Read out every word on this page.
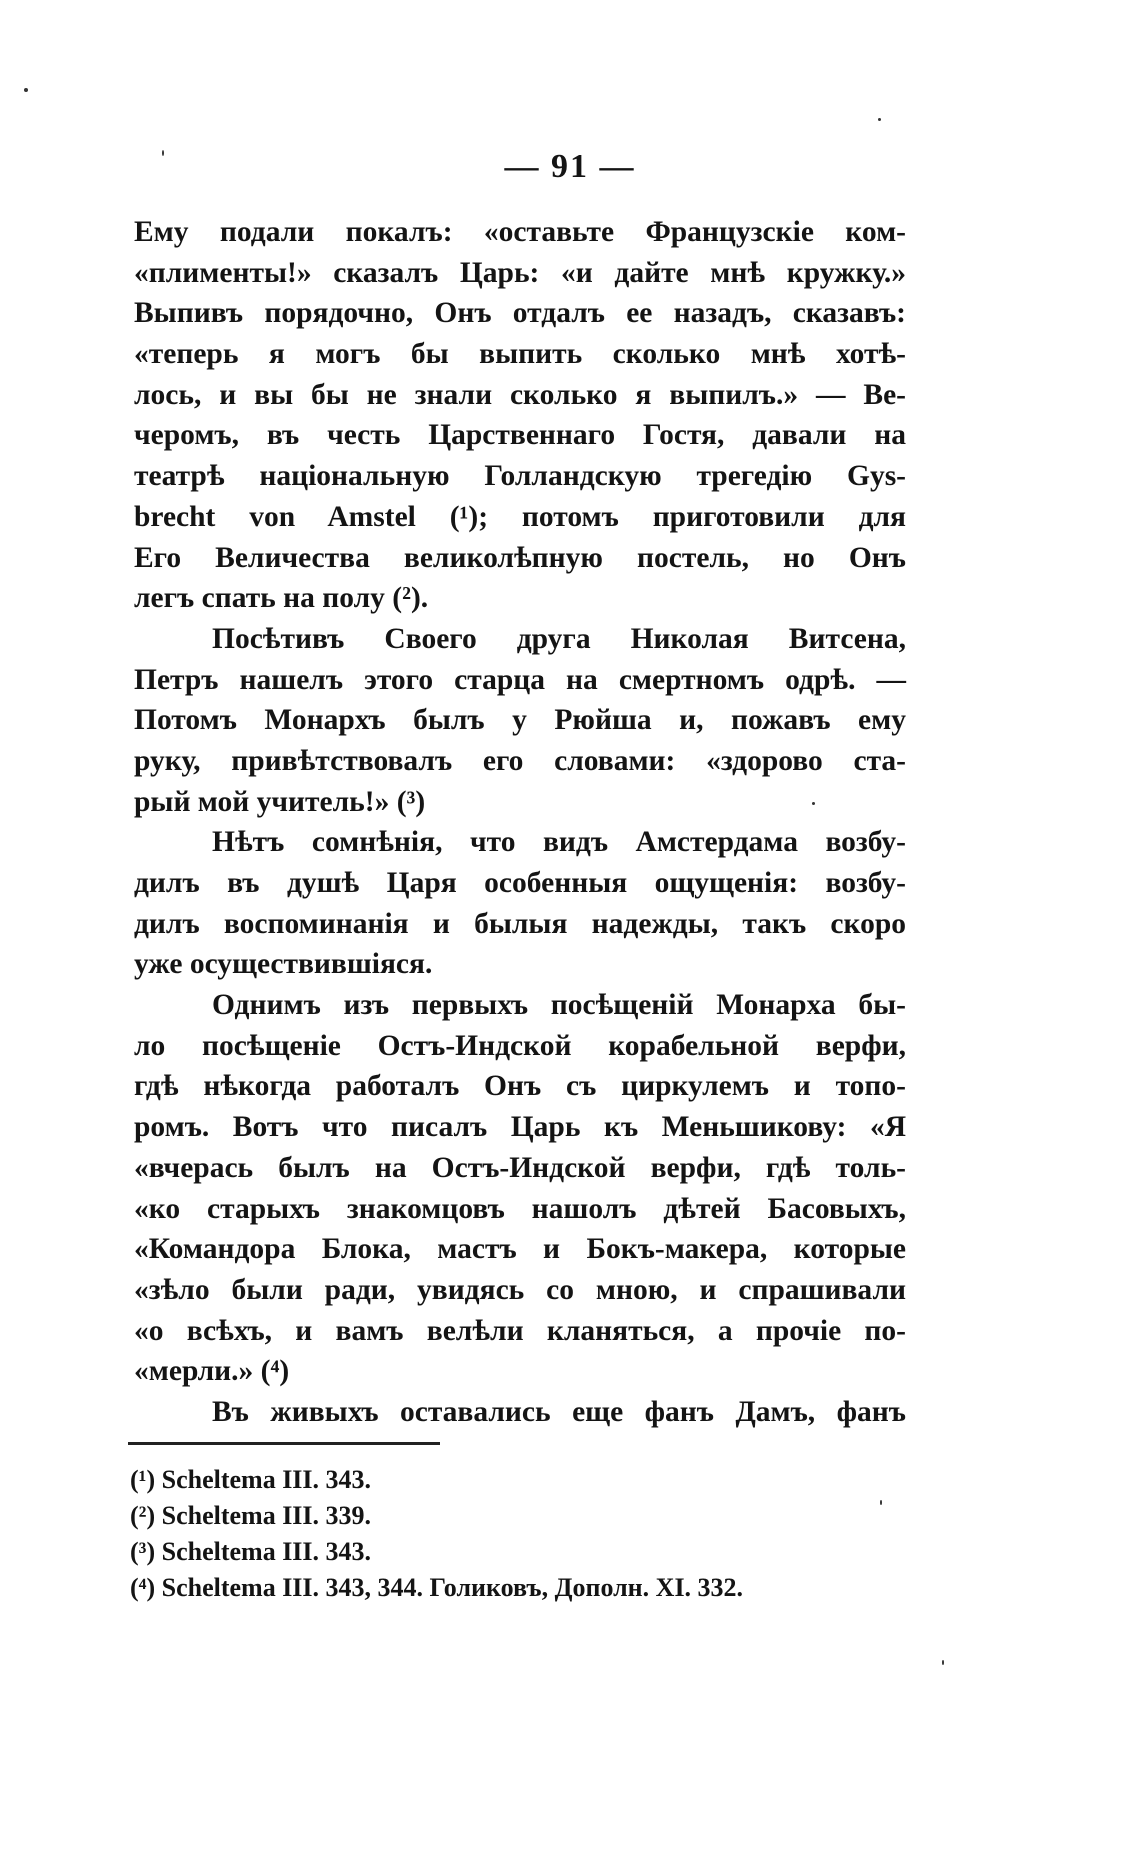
— 91 —
Ему подали покалъ: «оставьте Французскіе ком-
«плименты!» сказалъ Царь: «и дайте мнѣ кружку.»
Выпивъ порядочно, Онъ отдалъ ее назадъ, сказавъ:
«теперь я могъ бы выпить сколько мнѣ хотѣ-
лось, и вы бы не знали сколько я выпилъ.» — Ве-
черомъ, въ честь Царственнаго Гостя, давали на
театрѣ національную Голландскую трегедію Gys-
brecht von Amstel (¹); потомъ приготовили для
Его Величества великолѣпную постель, но Онъ
легъ спать на полу (²).
Посѣтивъ Своего друга Николая Витсена,
Петръ нашелъ этого старца на смертномъ одрѣ. —
Потомъ Монархъ былъ у Рюйша и, пожавъ ему
руку, привѣтствовалъ его словами: «здорово ста-
рый мой учитель!» (³)
Нѣтъ сомнѣнія, что видъ Амстердама возбу-
дилъ въ душѣ Царя особенныя ощущенія: возбу-
дилъ воспоминанія и былыя надежды, такъ скоро
уже осуществившіяся.
Однимъ изъ первыхъ посѣщеній Монарха бы-
ло посѣщеніе Остъ-Индской корабельной верфи,
гдѣ нѣкогда работалъ Онъ съ циркулемъ и топо-
ромъ. Вотъ что писалъ Царь къ Меньшикову: «Я
«вчерась былъ на Остъ-Индской верфи, гдѣ толь-
«ко старыхъ знакомцовъ нашолъ дѣтей Басовыхъ,
«Командора Блока, мастъ и Бокъ-макера, которые
«зѣло были ради, увидясь со мною, и спрашивали
«о всѣхъ, и вамъ велѣли кланяться, а прочіе по-
«мерли.» (⁴)
Въ живыхъ оставались еще фанъ Дамъ, фанъ
(¹) Scheltema III. 343.
(²) Scheltema III. 339.
(³) Scheltema III. 343.
(⁴) Scheltema III. 343, 344. Голиковъ, Дополн. XI. 332.
